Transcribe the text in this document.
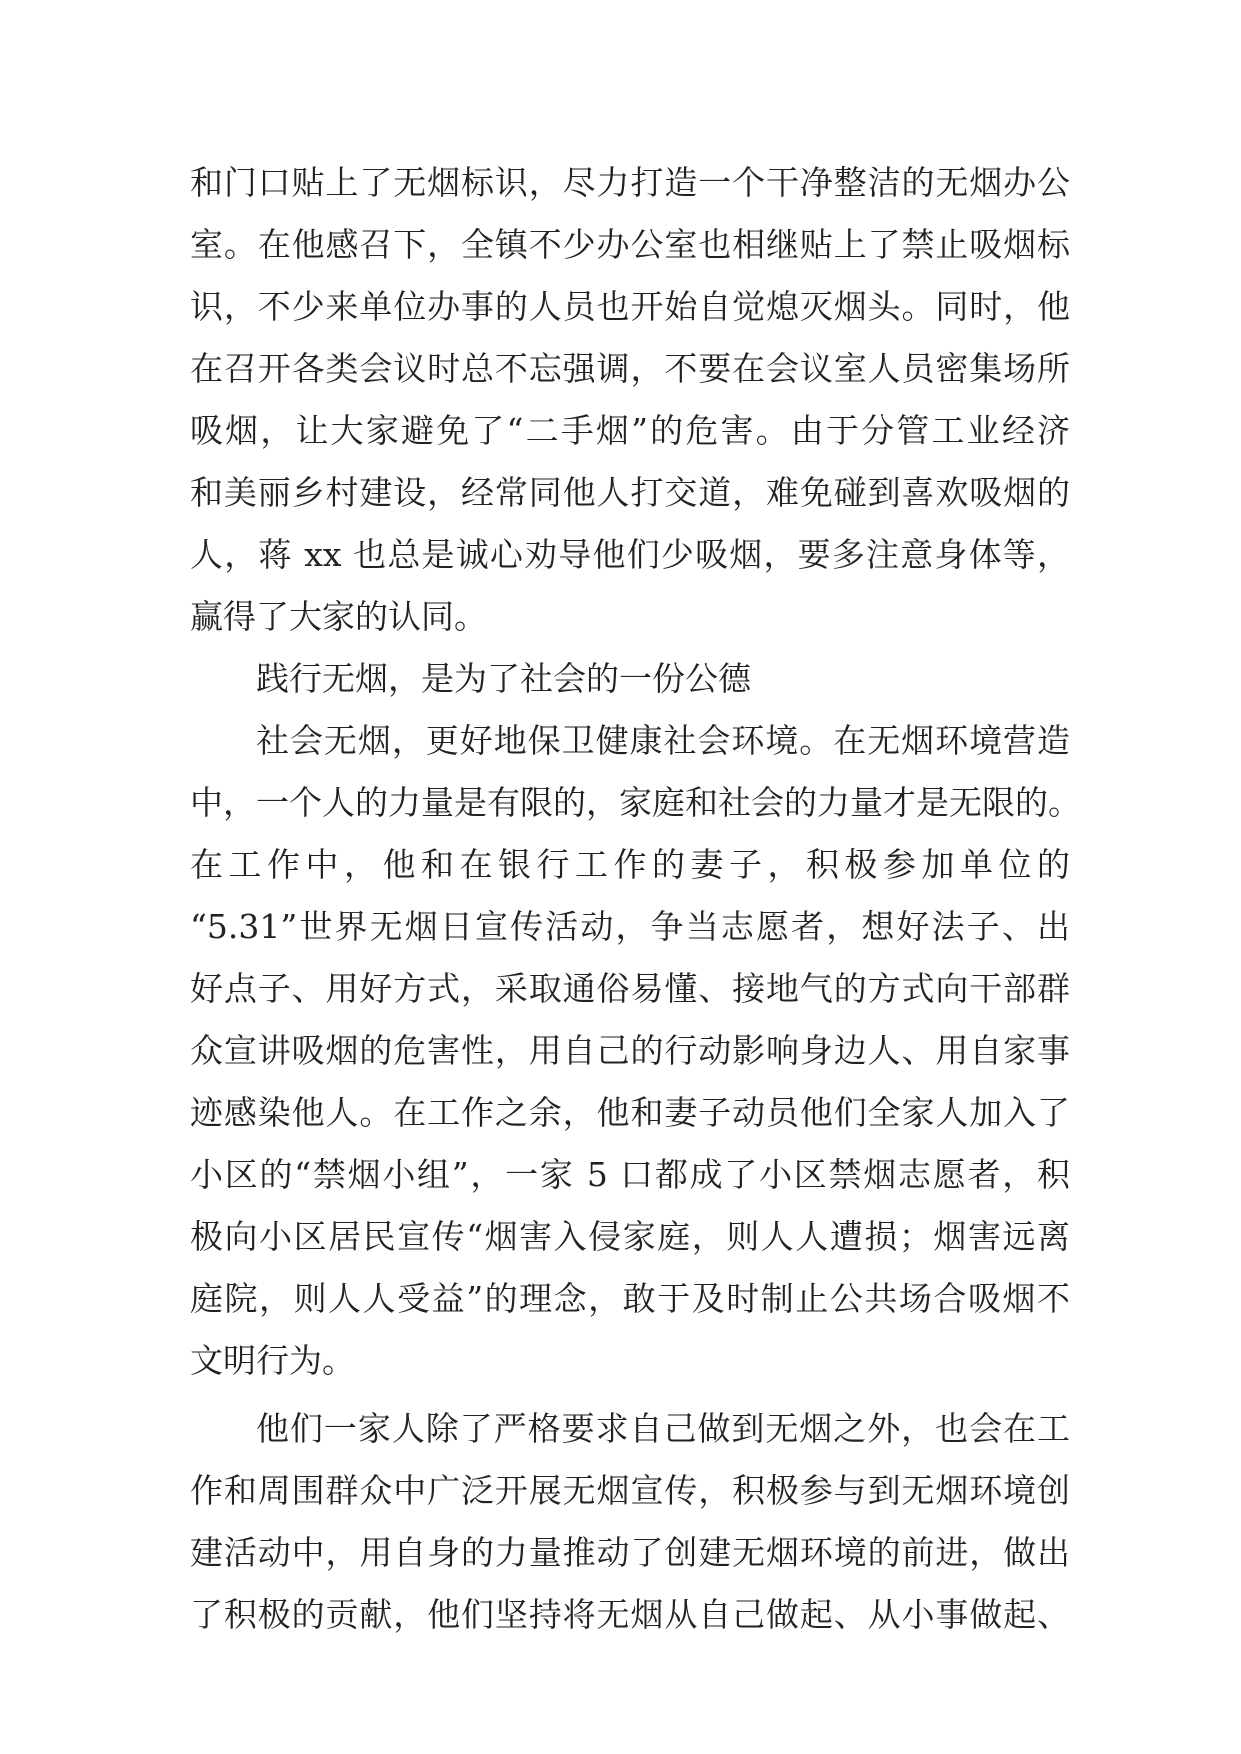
和门口贴上了无烟标识，尽力打造一个干净整洁的无烟办公
室。在他感召下，全镇不少办公室也相继贴上了禁止吸烟标
识，不少来单位办事的人员也开始自觉熄灭烟头。同时，他
在召开各类会议时总不忘强调，不要在会议室人员密集场所
吸烟，让大家避免了“二手烟”的危害。由于分管工业经济
和美丽乡村建设，经常同他人打交道，难免碰到喜欢吸烟的
人，蒋 xx 也总是诚心劝导他们少吸烟，要多注意身体等，
赢得了大家的认同。
践行无烟，是为了社会的一份公德
社会无烟，更好地保卫健康社会环境。在无烟环境营造
中，一个人的力量是有限的，家庭和社会的力量才是无限的。
在工作中，他和在银行工作的妻子，积极参加单位的
“5.31”世界无烟日宣传活动，争当志愿者，想好法子、出
好点子、用好方式，采取通俗易懂、接地气的方式向干部群
众宣讲吸烟的危害性，用自己的行动影响身边人、用自家事
迹感染他人。在工作之余，他和妻子动员他们全家人加入了
小区的“禁烟小组”，一家 5 口都成了小区禁烟志愿者，积
极向小区居民宣传“烟害入侵家庭，则人人遭损；烟害远离
庭院，则人人受益”的理念，敢于及时制止公共场合吸烟不
文明行为。
他们一家人除了严格要求自己做到无烟之外，也会在工
作和周围群众中广泛开展无烟宣传，积极参与到无烟环境创
建活动中，用自身的力量推动了创建无烟环境的前进，做出
了积极的贡献，他们坚持将无烟从自己做起、从小事做起、
